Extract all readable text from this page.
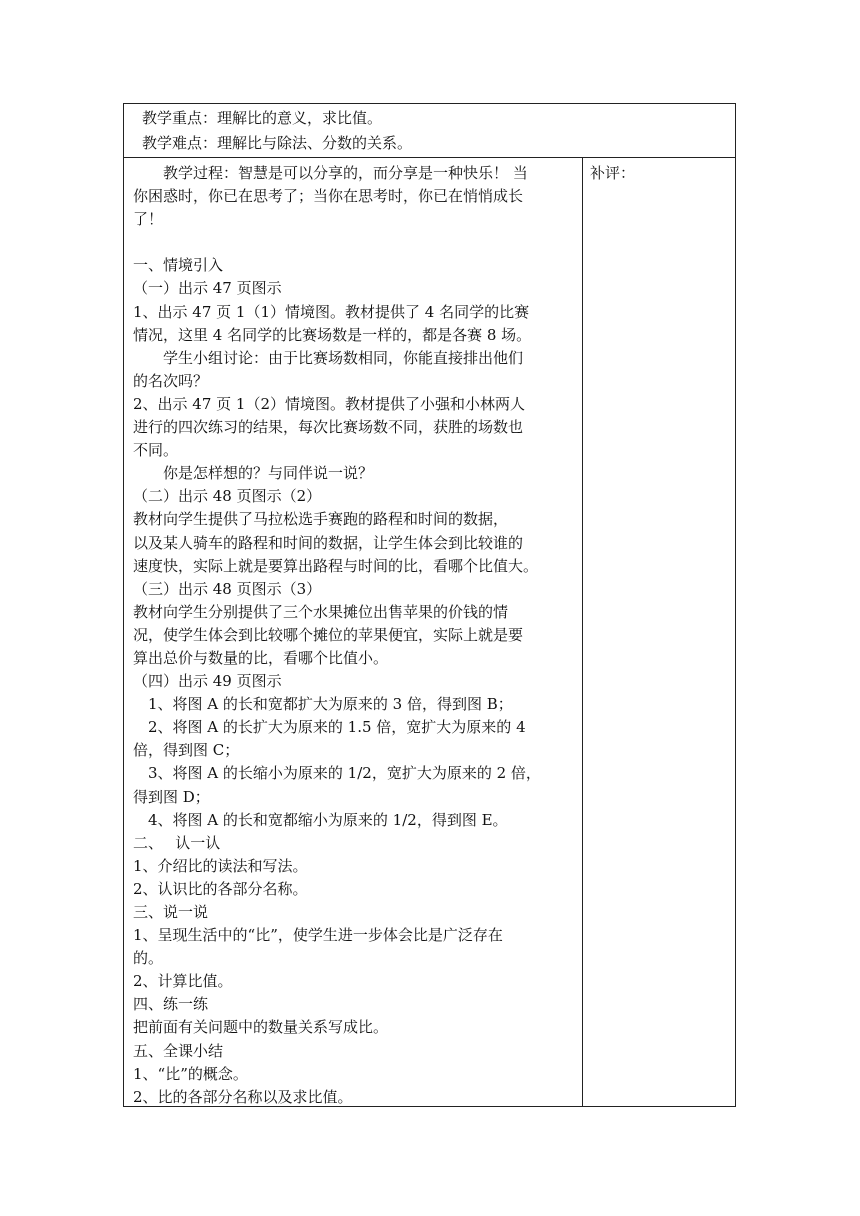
教学重点：理解比的意义，求比值。
教学难点：理解比与除法、分数的关系。
补评：

　　教学过程：智慧是可以分享的，而分享是一种快乐！ 当

你困惑时，你已在思考了；当你在思考时，你已在悄悄成长

了！

一、情境引入

（一）出示 47 页图示

1、出示 47 页 1（1）情境图。教材提供了 4 名同学的比赛

情况，这里 4 名同学的比赛场数是一样的，都是各赛 8 场。

　　学生小组讨论：由于比赛场数相同，你能直接排出他们

的名次吗？

2、出示 47 页 1（2）情境图。教材提供了小强和小林两人

进行的四次练习的结果，每次比赛场数不同，获胜的场数也

不同。

　　你是怎样想的？与同伴说一说？

（二）出示 48 页图示（2）

教材向学生提供了马拉松选手赛跑的路程和时间的数据，

以及某人骑车的路程和时间的数据，让学生体会到比较谁的

速度快，实际上就是要算出路程与时间的比，看哪个比值大。

（三）出示 48 页图示（3）

教材向学生分别提供了三个水果摊位出售苹果的价钱的情

况，使学生体会到比较哪个摊位的苹果便宜，实际上就是要

算出总价与数量的比，看哪个比值小。

（四）出示 49 页图示

　1、将图 A 的长和宽都扩大为原来的 3 倍，得到图 B；

　2、将图 A 的长扩大为原来的 1.5 倍，宽扩大为原来的 4

倍，得到图 C；

　3、将图 A 的长缩小为原来的 1/2，宽扩大为原来的 2 倍，

得到图 D；

　4、将图 A 的长和宽都缩小为原来的 1/2，得到图 E。

二、　 认一认

1、介绍比的读法和写法。

2、认识比的各部分名称。

三、说一说

1、呈现生活中的“比”，使学生进一步体会比是广泛存在

的。

2、计算比值。

四、练一练

把前面有关问题中的数量关系写成比。

五、全课小结

1、“比”的概念。

2、比的各部分名称以及求比值。
